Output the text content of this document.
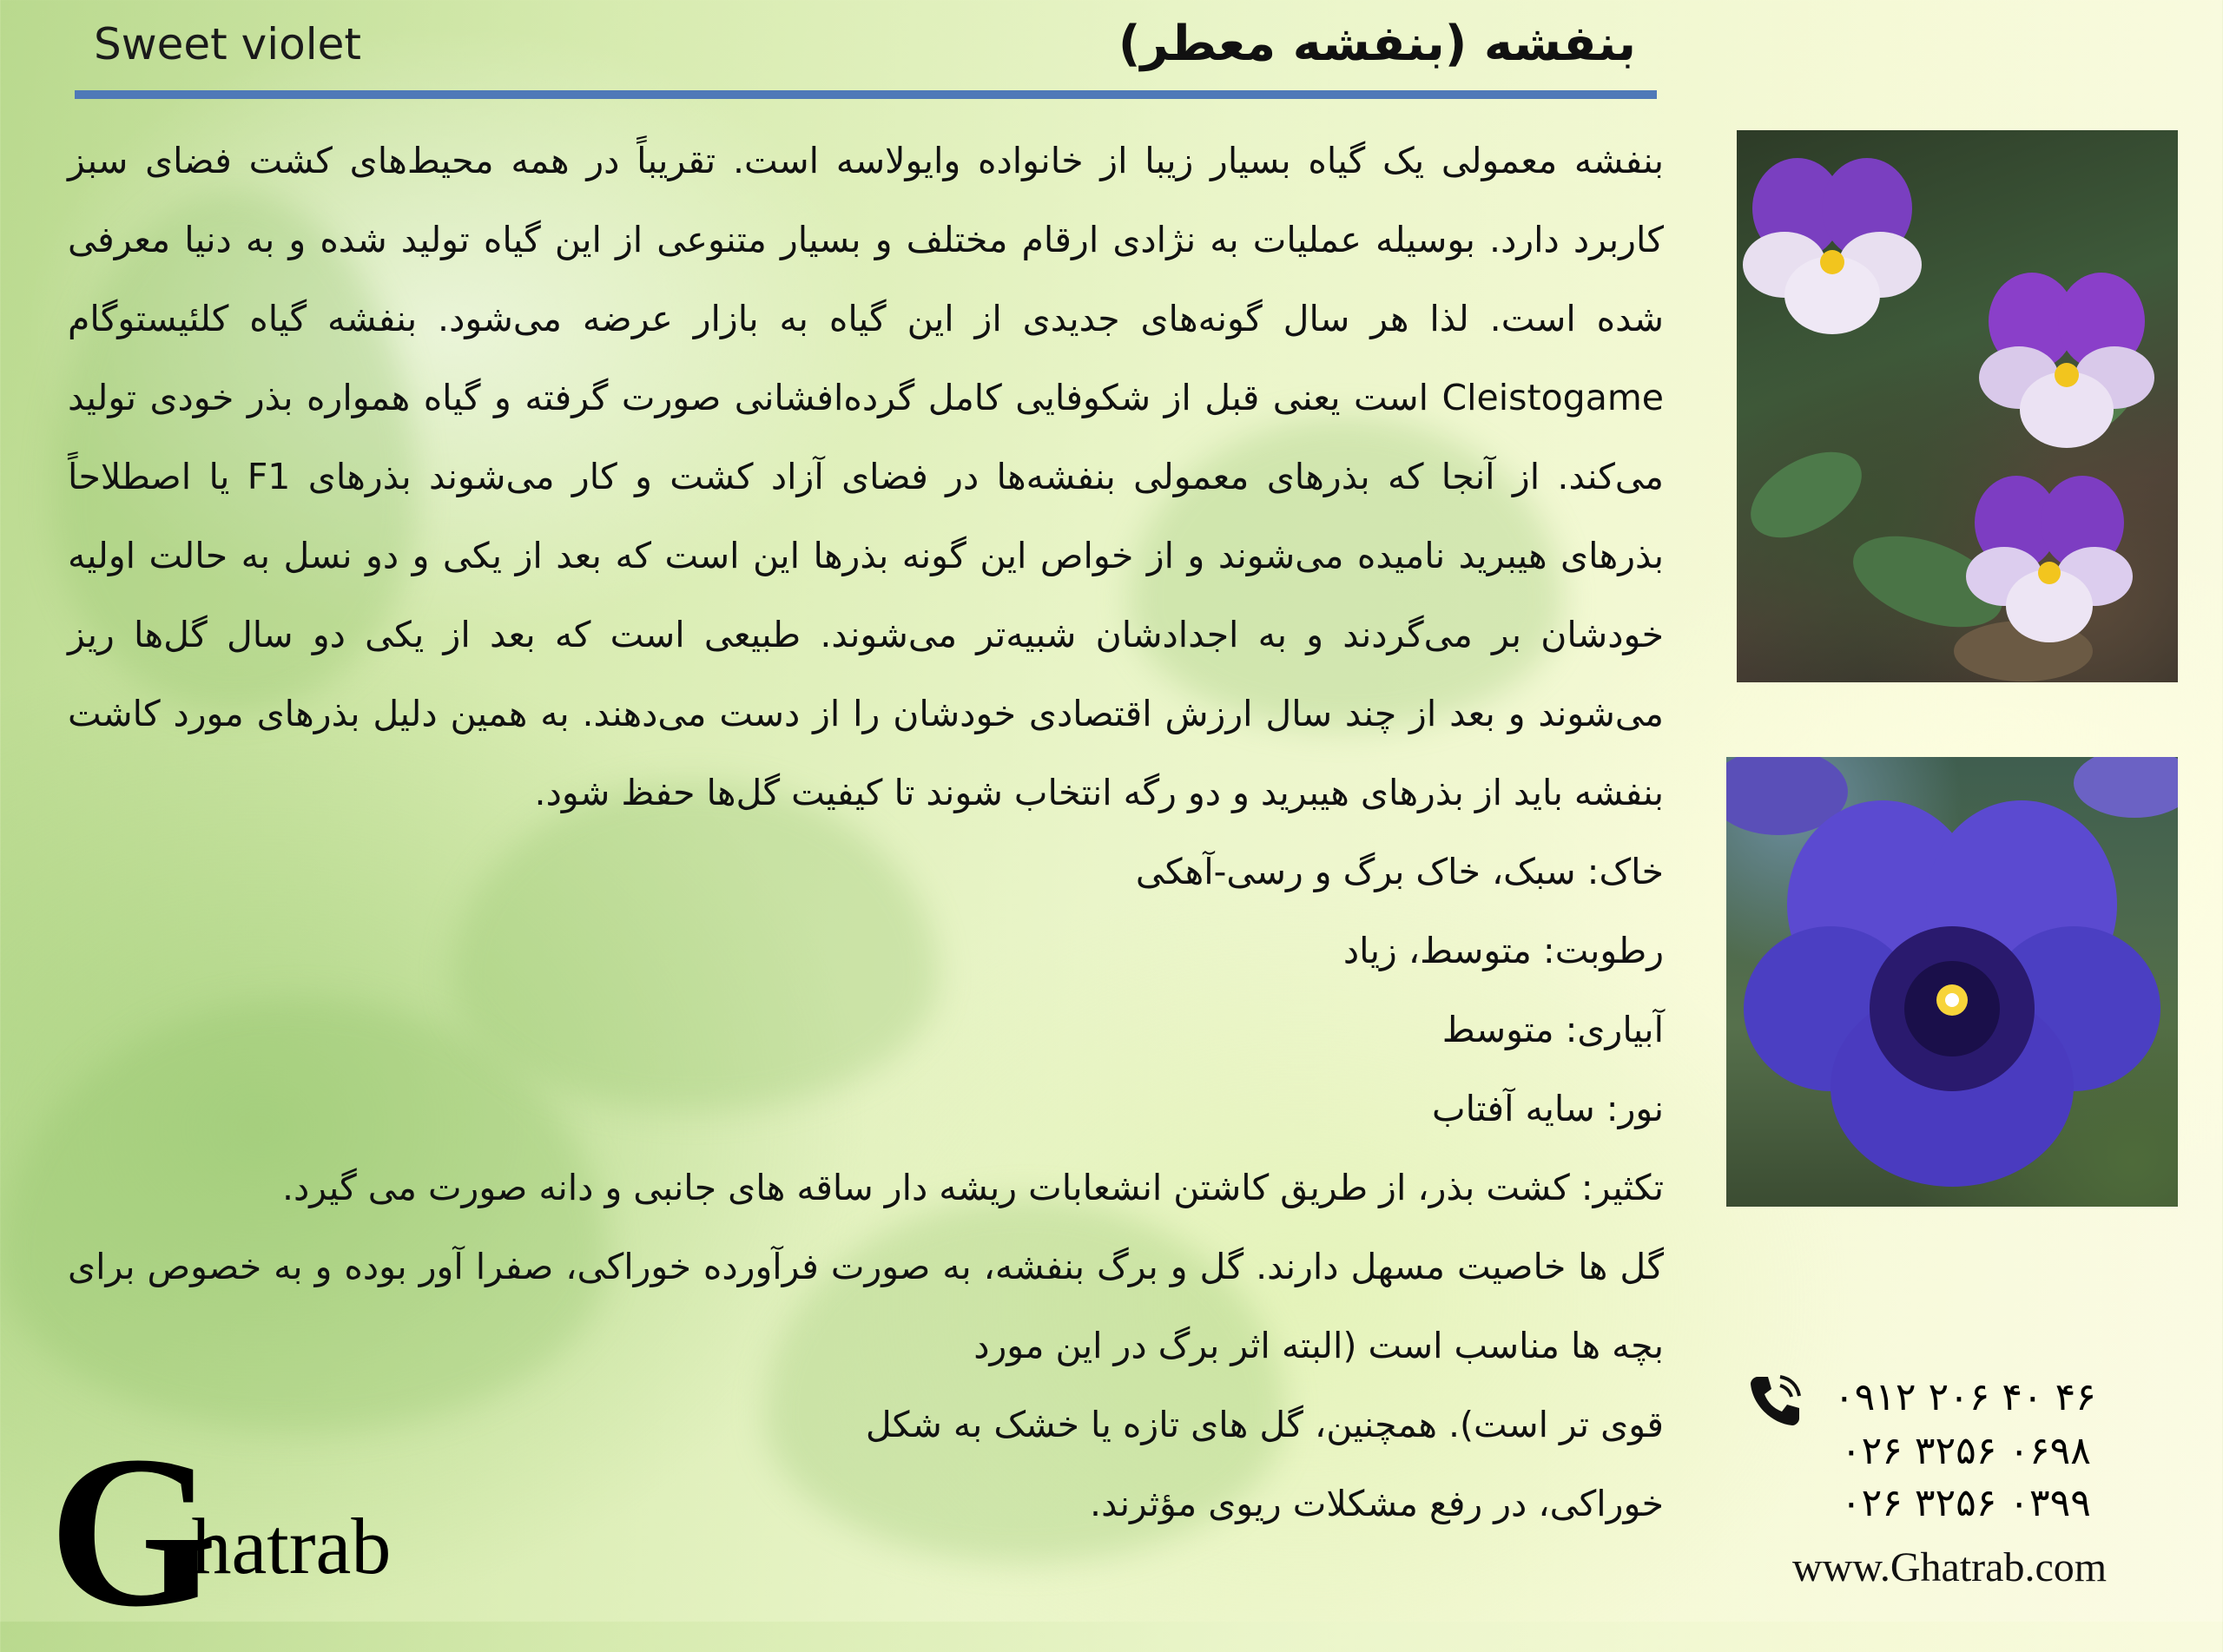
Sweet violet	بنفشه (بنفشه معطر)

بنفشه معمولی یک گیاه بسیار زیبا از خانواده وایولاسه است. تقریباً در همه محیط‌های کشت فضای سبز کاربرد دارد. بوسیله عملیات به نژادی ارقام مختلف و بسیار متنوعی از این گیاه تولید شده و به دنیا معرفی شده است. لذا هر سال گونه‌های جدیدی از این گیاه به بازار عرضه می‌شود. بنفشه گیاه کلئیستوگام Cleistogame است یعنی قبل از شکوفایی کامل گرده‌افشانی صورت گرفته و گیاه همواره بذر خودی تولید می‌کند. از آنجا که بذرهای معمولی بنفشه‌ها در فضای آزاد کشت و کار می‌شوند بذرهای F1 یا اصطلاحاً بذرهای هیبرید نامیده می‌شوند و از خواص این گونه بذرها این است که بعد از یکی و دو نسل به حالت اولیه خودشان بر می‌گردند و به اجدادشان شبیه‌تر می‌شوند. طبیعی است که بعد از یکی دو سال گل‌ها ریز می‌شوند و بعد از چند سال ارزش اقتصادی خودشان را از دست می‌دهند. به همین دلیل بذرهای مورد کاشت بنفشه باید از بذرهای هیبرید و دو رگه انتخاب شوند تا کیفیت گل‌ها حفظ شود.

خاک: سبک، خاک برگ و رسی-آهکی

رطوبت: متوسط، زیاد

آبیاری: متوسط

نور: سایه آفتاب

تکثیر: کشت بذر، از طریق کاشتن انشعابات ریشه دار ساقه های جانبی و دانه صورت می گیرد.

گل ها خاصیت مسهل دارند. گل و برگ بنفشه، به صورت فرآورده خوراکی، صفرا آور بوده و به خصوص برای بچه ها مناسب است (البته اثر برگ در این مورد

قوی تر است). همچنین، گل های تازه یا خشک به شکل

خوراکی، در رفع مشکلات ریوی مؤثرند.

۰۹۱۲ ۲۰۶ ۴۰ ۴۶
۰۲۶ ۳۲۵۶ ۰۶۹۸
۰۲۶ ۳۲۵۶ ۰۳۹۹
www.Ghatrab.com
Ghatrab
